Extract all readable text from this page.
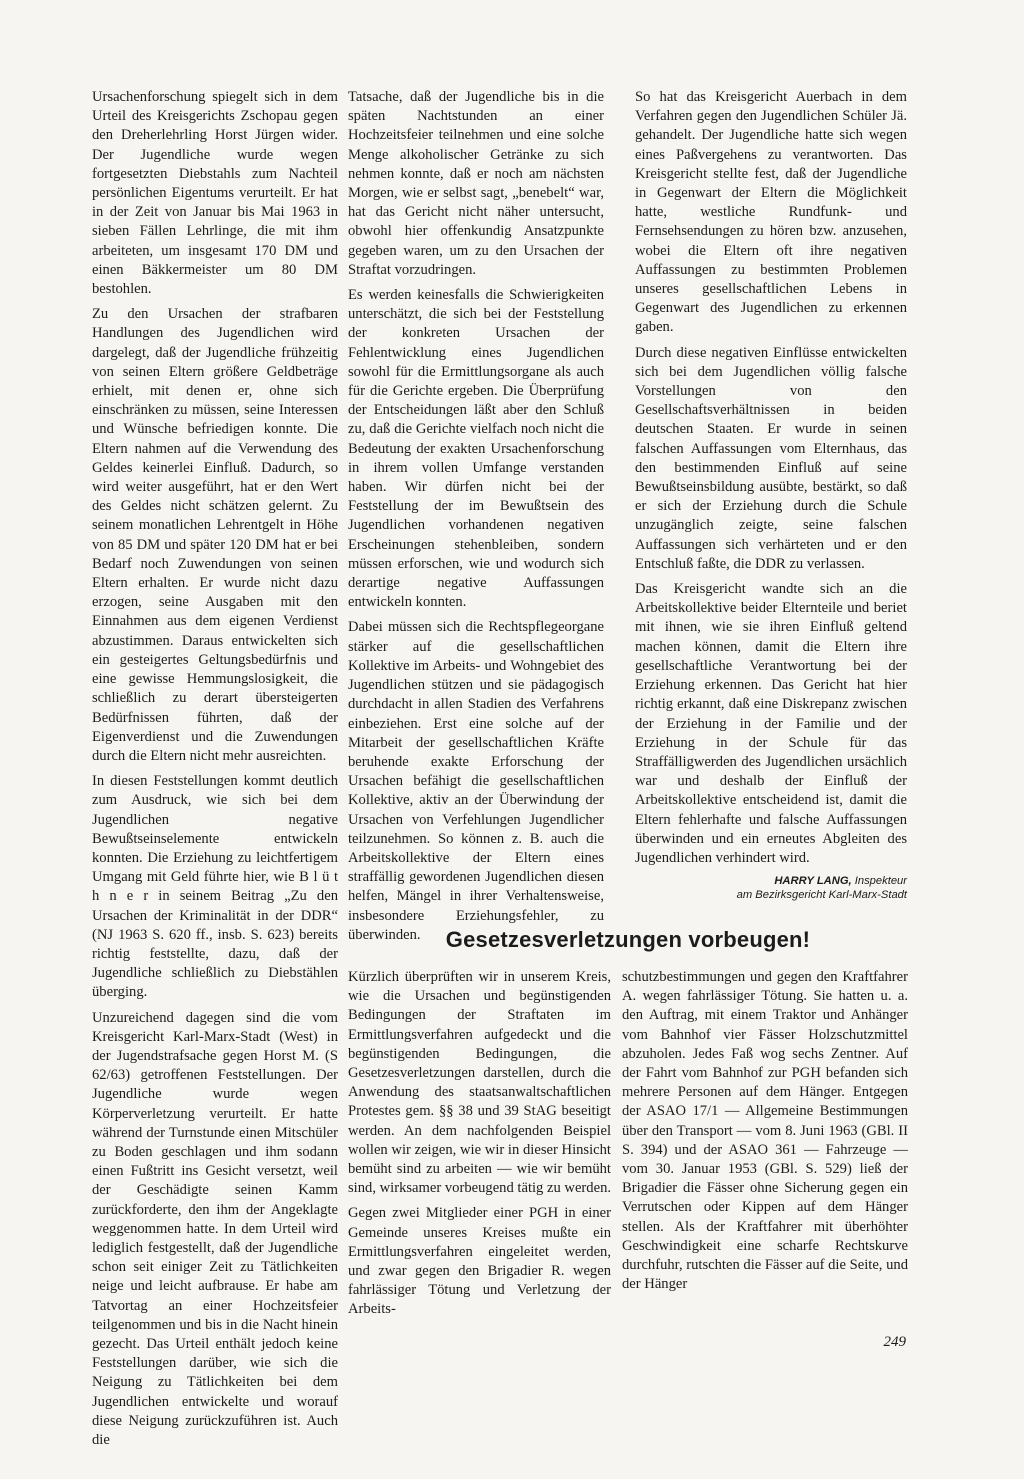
Ursachenforschung spiegelt sich in dem Urteil des Kreisgerichts Zschopau gegen den Dreherlehrling Horst Jürgen wider. Der Jugendliche wurde wegen fortgesetzten Diebstahls zum Nachteil persönlichen Eigentums verurteilt. Er hat in der Zeit von Januar bis Mai 1963 in sieben Fällen Lehrlinge, die mit ihm arbeiteten, um insgesamt 170 DM und einen Bäkkermeister um 80 DM bestohlen.

Zu den Ursachen der strafbaren Handlungen des Jugendlichen wird dargelegt, daß der Jugendliche frühzeitig von seinen Eltern größere Geldbeträge erhielt, mit denen er, ohne sich einschränken zu müssen, seine Interessen und Wünsche befriedigen konnte. Die Eltern nahmen auf die Verwendung des Geldes keinerlei Einfluß. Dadurch, so wird weiter ausgeführt, hat er den Wert des Geldes nicht schätzen gelernt. Zu seinem monatlichen Lehrentgelt in Höhe von 85 DM und später 120 DM hat er bei Bedarf noch Zuwendungen von seinen Eltern erhalten. Er wurde nicht dazu erzogen, seine Ausgaben mit den Einnahmen aus dem eigenen Verdienst abzustimmen. Daraus entwickelten sich ein gesteigertes Geltungsbedürfnis und eine gewisse Hemmungslosigkeit, die schließlich zu derart übersteigerten Bedürfnissen führten, daß der Eigenverdienst und die Zuwendungen durch die Eltern nicht mehr ausreichten.

In diesen Feststellungen kommt deutlich zum Ausdruck, wie sich bei dem Jugendlichen negative Bewußtseinselemente entwickeln konnten. Die Erziehung zu leichtfertigem Umgang mit Geld führte hier, wie B l ü t h n e r in seinem Beitrag „Zu den Ursachen der Kriminalität in der DDR“ (NJ 1963 S. 620 ff., insb. S. 623) bereits richtig feststellte, dazu, daß der Jugendliche schließlich zu Diebstählen überging.

Unzureichend dagegen sind die vom Kreisgericht Karl-Marx-Stadt (West) in der Jugendstrafsache gegen Horst M. (S 62/63) getroffenen Feststellungen. Der Jugendliche wurde wegen Körperverletzung verurteilt. Er hatte während der Turnstunde einen Mitschüler zu Boden geschlagen und ihm sodann einen Fußtritt ins Gesicht versetzt, weil der Geschädigte seinen Kamm zurückforderte, den ihm der Angeklagte weggenommen hatte. In dem Urteil wird lediglich festgestellt, daß der Jugendliche schon seit einiger Zeit zu Tätlichkeiten neige und leicht aufbrause. Er habe am Tatvortag an einer Hochzeitsfeier teilgenommen und bis in die Nacht hinein gezecht. Das Urteil enthält jedoch keine Feststellungen darüber, wie sich die Neigung zu Tätlichkeiten bei dem Jugendlichen entwickelte und worauf diese Neigung zurückzuführen ist. Auch die

Tatsache, daß der Jugendliche bis in die späten Nachtstunden an einer Hochzeitsfeier teilnehmen und eine solche Menge alkoholischer Getränke zu sich nehmen konnte, daß er noch am nächsten Morgen, wie er selbst sagt, „benebelt“ war, hat das Gericht nicht näher untersucht, obwohl hier offenkundig Ansatzpunkte gegeben waren, um zu den Ursachen der Straftat vorzudringen.

Es werden keinesfalls die Schwierigkeiten unterschätzt, die sich bei der Feststellung der konkreten Ursachen der Fehlentwicklung eines Jugendlichen sowohl für die Ermittlungsorgane als auch für die Gerichte ergeben. Die Überprüfung der Entscheidungen läßt aber den Schluß zu, daß die Gerichte vielfach noch nicht die Bedeutung der exakten Ursachenforschung in ihrem vollen Umfange verstanden haben. Wir dürfen nicht bei der Feststellung der im Bewußtsein des Jugendlichen vorhandenen negativen Erscheinungen stehenbleiben, sondern müssen erforschen, wie und wodurch sich derartige negative Auffassungen entwickeln konnten.

Dabei müssen sich die Rechtspflegeorgane stärker auf die gesellschaftlichen Kollektive im Arbeits- und Wohngebiet des Jugendlichen stützen und sie pädagogisch durchdacht in allen Stadien des Verfahrens einbeziehen. Erst eine solche auf der Mitarbeit der gesellschaftlichen Kräfte beruhende exakte Erforschung der Ursachen befähigt die gesellschaftlichen Kollektive, aktiv an der Überwindung der Ursachen von Verfehlungen Jugendlicher teilzunehmen. So können z. B. auch die Arbeitskollektive der Eltern eines straffällig gewordenen Jugendlichen diesen helfen, Mängel in ihrer Verhaltensweise, insbesondere Erziehungsfehler, zu überwinden.

So hat das Kreisgericht Auerbach in dem Verfahren gegen den Jugendlichen Schüler Jä. gehandelt. Der Jugendliche hatte sich wegen eines Paßvergehens zu verantworten. Das Kreisgericht stellte fest, daß der Jugendliche in Gegenwart der Eltern die Möglichkeit hatte, westliche Rundfunk- und Fernsehsendungen zu hören bzw. anzusehen, wobei die Eltern oft ihre negativen Auffassungen zu bestimmten Problemen unseres gesellschaftlichen Lebens in Gegenwart des Jugendlichen zu erkennen gaben.

Durch diese negativen Einflüsse entwickelten sich bei dem Jugendlichen völlig falsche Vorstellungen von den Gesellschaftsverhältnissen in beiden deutschen Staaten. Er wurde in seinen falschen Auffassungen vom Elternhaus, das den bestimmenden Einfluß auf seine Bewußtseinsbildung ausübte, bestärkt, so daß er sich der Erziehung durch die Schule unzugänglich zeigte, seine falschen Auffassungen sich verhärteten und er den Entschluß faßte, die DDR zu verlassen.

Das Kreisgericht wandte sich an die Arbeitskollektive beider Elternteile und beriet mit ihnen, wie sie ihren Einfluß geltend machen können, damit die Eltern ihre gesellschaftliche Verantwortung bei der Erziehung erkennen. Das Gericht hat hier richtig erkannt, daß eine Diskrepanz zwischen der Erziehung in der Familie und der Erziehung in der Schule für das Straffälligwerden des Jugendlichen ursächlich war und deshalb der Einfluß der Arbeitskollektive entscheidend ist, damit die Eltern fehlerhafte und falsche Auffassungen überwinden und ein erneutes Abgleiten des Jugendlichen verhindert wird.

HARRY LANG, Inspekteur
am Bezirksgericht Karl-Marx-Stadt
Gesetzesverletzungen vorbeugen!

Kürzlich überprüften wir in unserem Kreis, wie die Ursachen und begünstigenden Bedingungen der Straftaten im Ermittlungsverfahren aufgedeckt und die begünstigenden Bedingungen, die Gesetzesverletzungen darstellen, durch die Anwendung des staatsanwaltschaftlichen Protestes gem. §§ 38 und 39 StAG beseitigt werden. An dem nachfolgenden Beispiel wollen wir zeigen, wie wir in dieser Hinsicht bemüht sind zu arbeiten — wie wir bemüht sind, wirksamer vorbeugend tätig zu werden.

Gegen zwei Mitglieder einer PGH in einer Gemeinde unseres Kreises mußte ein Ermittlungsverfahren eingeleitet werden, und zwar gegen den Brigadier R. wegen fahrlässiger Tötung und Verletzung der Arbeits-

schutzbestimmungen und gegen den Kraftfahrer A. wegen fahrlässiger Tötung. Sie hatten u. a. den Auftrag, mit einem Traktor und Anhänger vom Bahnhof vier Fässer Holzschutzmittel abzuholen. Jedes Faß wog sechs Zentner. Auf der Fahrt vom Bahnhof zur PGH befanden sich mehrere Personen auf dem Hänger. Entgegen der ASAO 17/1 — Allgemeine Bestimmungen über den Transport — vom 8. Juni 1963 (GBl. II S. 394) und der ASAO 361 — Fahrzeuge — vom 30. Januar 1953 (GBl. S. 529) ließ der Brigadier die Fässer ohne Sicherung gegen ein Verrutschen oder Kippen auf dem Hänger stellen. Als der Kraftfahrer mit überhöhter Geschwindigkeit eine scharfe Rechtskurve durchfuhr, rutschten die Fässer auf die Seite, und der Hänger

249
